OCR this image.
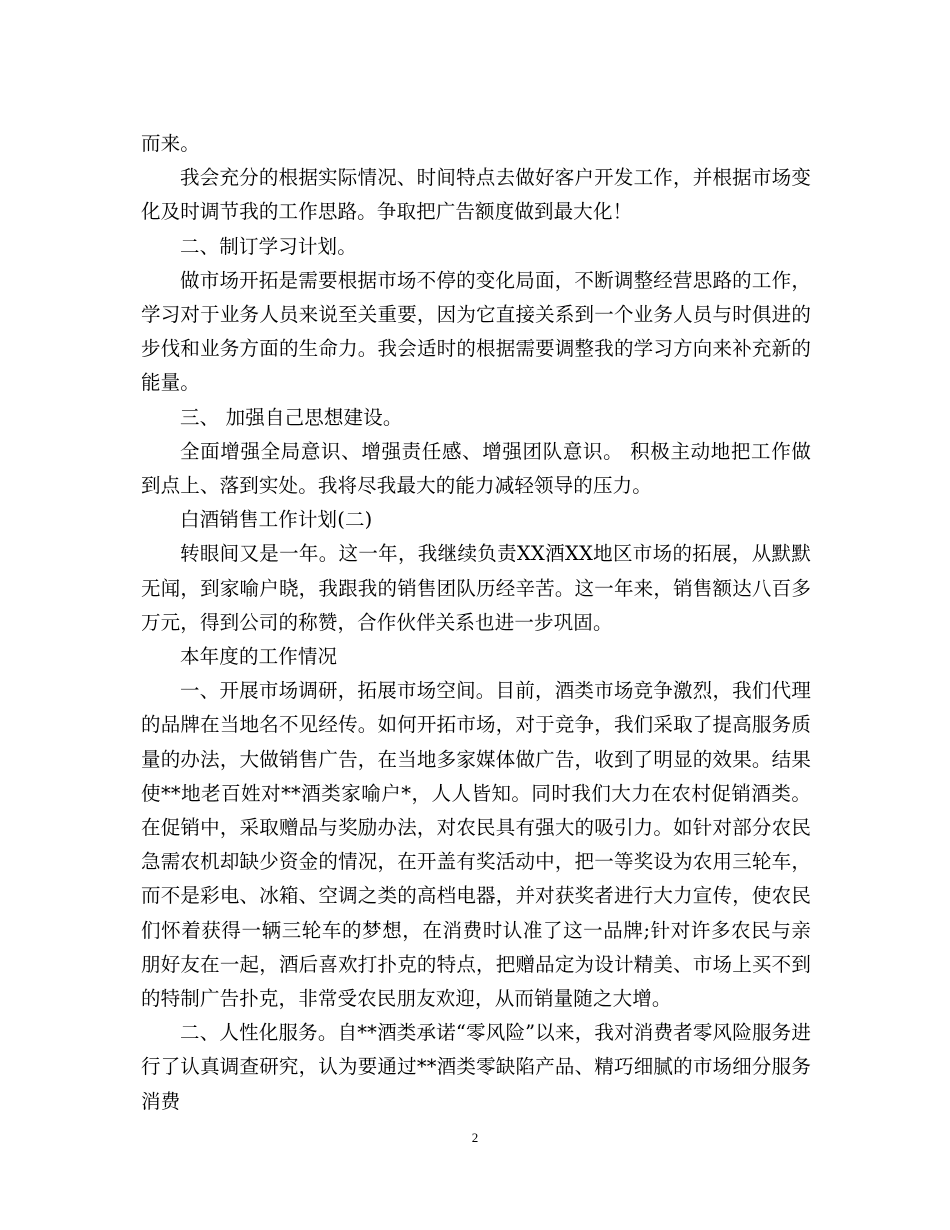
而来。

我会充分的根据实际情况、时间特点去做好客户开发工作，并根据市场变化及时调节我的工作思路。争取把广告额度做到最大化！

二、制订学习计划。

做市场开拓是需要根据市场不停的变化局面，不断调整经营思路的工作，学习对于业务人员来说至关重要，因为它直接关系到一个业务人员与时俱进的步伐和业务方面的生命力。我会适时的根据需要调整我的学习方向来补充新的能量。

三、 加强自己思想建设。

全面增强全局意识、增强责任感、增强团队意识。 积极主动地把工作做到点上、落到实处。我将尽我最大的能力减轻领导的压力。

白酒销售工作计划(二)

转眼间又是一年。这一年，我继续负责XX酒XX地区市场的拓展，从默默无闻，到家喻户晓，我跟我的销售团队历经辛苦。这一年来，销售额达八百多万元，得到公司的称赞，合作伙伴关系也进一步巩固。

本年度的工作情况

一、开展市场调研，拓展市场空间。目前，酒类市场竞争激烈，我们代理的品牌在当地名不见经传。如何开拓市场，对于竞争，我们采取了提高服务质量的办法，大做销售广告，在当地多家媒体做广告，收到了明显的效果。结果使**地老百姓对**酒类家喻户*，人人皆知。同时我们大力在农村促销酒类。在促销中，采取赠品与奖励办法，对农民具有强大的吸引力。如针对部分农民急需农机却缺少资金的情况，在开盖有奖活动中，把一等奖设为农用三轮车，而不是彩电、冰箱、空调之类的高档电器，并对获奖者进行大力宣传，使农民们怀着获得一辆三轮车的梦想，在消费时认准了这一品牌;针对许多农民与亲朋好友在一起，酒后喜欢打扑克的特点，把赠品定为设计精美、市场上买不到的特制广告扑克，非常受农民朋友欢迎，从而销量随之大增。

二、人性化服务。自**酒类承诺“零风险”以来，我对消费者零风险服务进行了认真调查研究，认为要通过**酒类零缺陷产品、精巧细腻的市场细分服务消费

2
